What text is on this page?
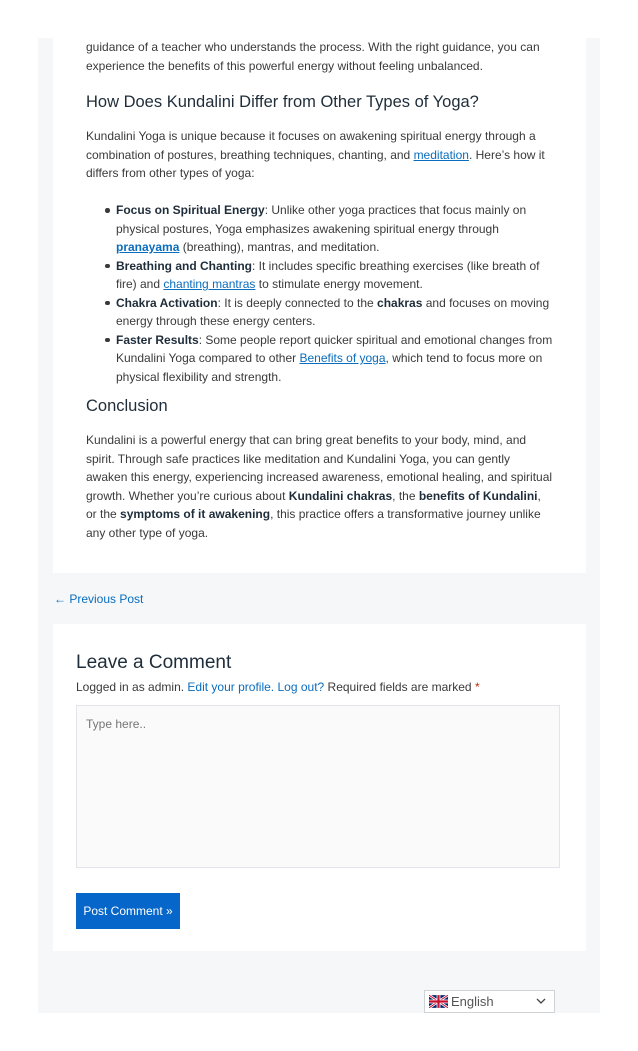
guidance of a teacher who understands the process. With the right guidance, you can

experience the benefits of this powerful energy without feeling unbalanced.

How Does Kundalini Differ from Other Types of Yoga?

Kundalini Yoga is unique because it focuses on awakening spiritual energy through a combination of postures, breathing techniques, chanting, and meditation. Here’s how it differs from other types of yoga:

Focus on Spiritual Energy: Unlike other yoga practices that focus mainly on physical postures, Yoga emphasizes awakening spiritual energy through pranayama (breathing), mantras, and meditation.
Breathing and Chanting: It includes specific breathing exercises (like breath of fire) and chanting mantras to stimulate energy movement.
Chakra Activation: It is deeply connected to the chakras and focuses on moving energy through these energy centers.
Faster Results: Some people report quicker spiritual and emotional changes from Kundalini Yoga compared to other Benefits of yoga, which tend to focus more on physical flexibility and strength.
Conclusion

Kundalini is a powerful energy that can bring great benefits to your body, mind, and spirit. Through safe practices like meditation and Kundalini Yoga, you can gently awaken this energy, experiencing increased awareness, emotional healing, and spiritual growth. Whether you’re curious about Kundalini chakras, the benefits of Kundalini, or the symptoms of it awakening, this practice offers a transformative journey unlike any other type of yoga.

← Previous Post
Leave a Comment
Logged in as admin. Edit your profile. Log out? Required fields are marked *
Type here..
Post Comment »
English
